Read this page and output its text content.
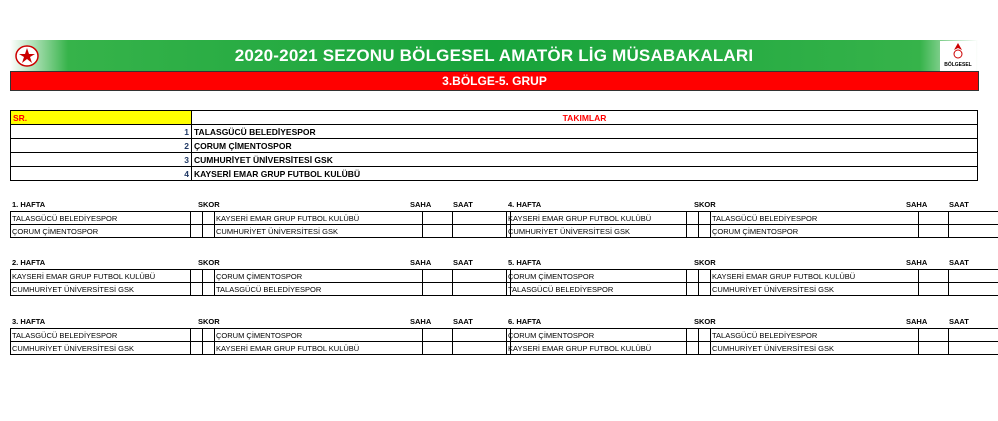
2020-2021 SEZONU BÖLGESEL AMATÖR LİG MÜSABAKALARI	BÖLGESEL
3.BÖLGE-5. GRUP
SR.	TAKIMLAR
1	TALASGÜCÜ BELEDİYESPOR
2	ÇORUM ÇİMENTOSPOR
3	CUMHURİYET ÜNİVERSİTESİ GSK
4	KAYSERİ EMAR GRUP FUTBOL KULÜBÜ
1. HAFTA	SKOR	SAHA	SAAT
TALASGÜCÜ BELEDİYESPOR			KAYSERİ EMAR GRUP FUTBOL KULÜBÜ		
ÇORUM ÇİMENTOSPOR			CUMHURİYET ÜNİVERSİTESİ GSK		
2. HAFTA	SKOR	SAHA	SAAT
KAYSERİ EMAR GRUP FUTBOL KULÜBÜ			ÇORUM ÇİMENTOSPOR		
CUMHURİYET ÜNİVERSİTESİ GSK			TALASGÜCÜ BELEDİYESPOR		
3. HAFTA	SKOR	SAHA	SAAT
TALASGÜCÜ BELEDİYESPOR			ÇORUM ÇİMENTOSPOR		
CUMHURİYET ÜNİVERSİTESİ GSK			KAYSERİ EMAR GRUP FUTBOL KULÜBÜ		
4. HAFTA	SKOR	SAHA	SAAT
KAYSERİ EMAR GRUP FUTBOL KULÜBÜ			TALASGÜCÜ BELEDİYESPOR		
CUMHURİYET ÜNİVERSİTESİ GSK			ÇORUM ÇİMENTOSPOR		
5. HAFTA	SKOR	SAHA	SAAT
ÇORUM ÇİMENTOSPOR			KAYSERİ EMAR GRUP FUTBOL KULÜBÜ		
TALASGÜCÜ BELEDİYESPOR			CUMHURİYET ÜNİVERSİTESİ GSK		
6. HAFTA	SKOR	SAHA	SAAT
ÇORUM ÇİMENTOSPOR			TALASGÜCÜ BELEDİYESPOR		
KAYSERİ EMAR GRUP FUTBOL KULÜBÜ			CUMHURİYET ÜNİVERSİTESİ GSK		
